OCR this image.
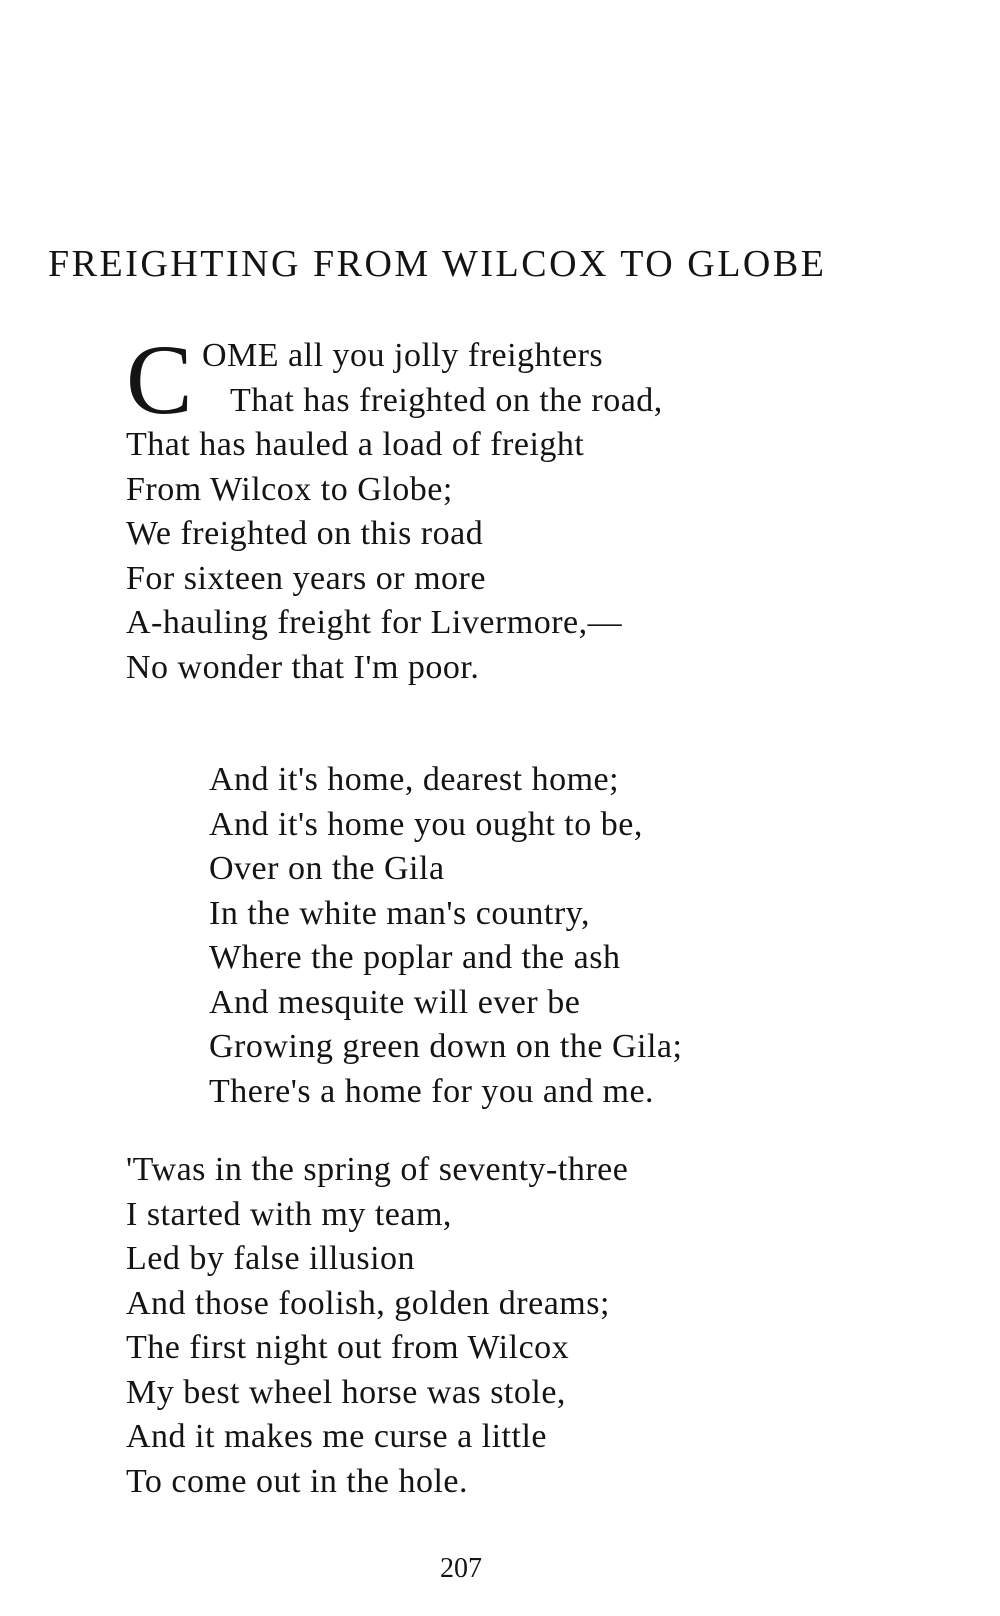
FREIGHTING FROM WILCOX TO GLOBE
C OME all you jolly freighters
That has freighted on the road,
That has hauled a load of freight
From Wilcox to Globe;
We freighted on this road
For sixteen years or more
A-hauling freight for Livermore,—
No wonder that I'm poor.
And it's home, dearest home;
And it's home you ought to be,
Over on the Gila
In the white man's country,
Where the poplar and the ash
And mesquite will ever be
Growing green down on the Gila;
There's a home for you and me.
'Twas in the spring of seventy-three
I started with my team,
Led by false illusion
And those foolish, golden dreams;
The first night out from Wilcox
My best wheel horse was stole,
And it makes me curse a little
To come out in the hole.
207
